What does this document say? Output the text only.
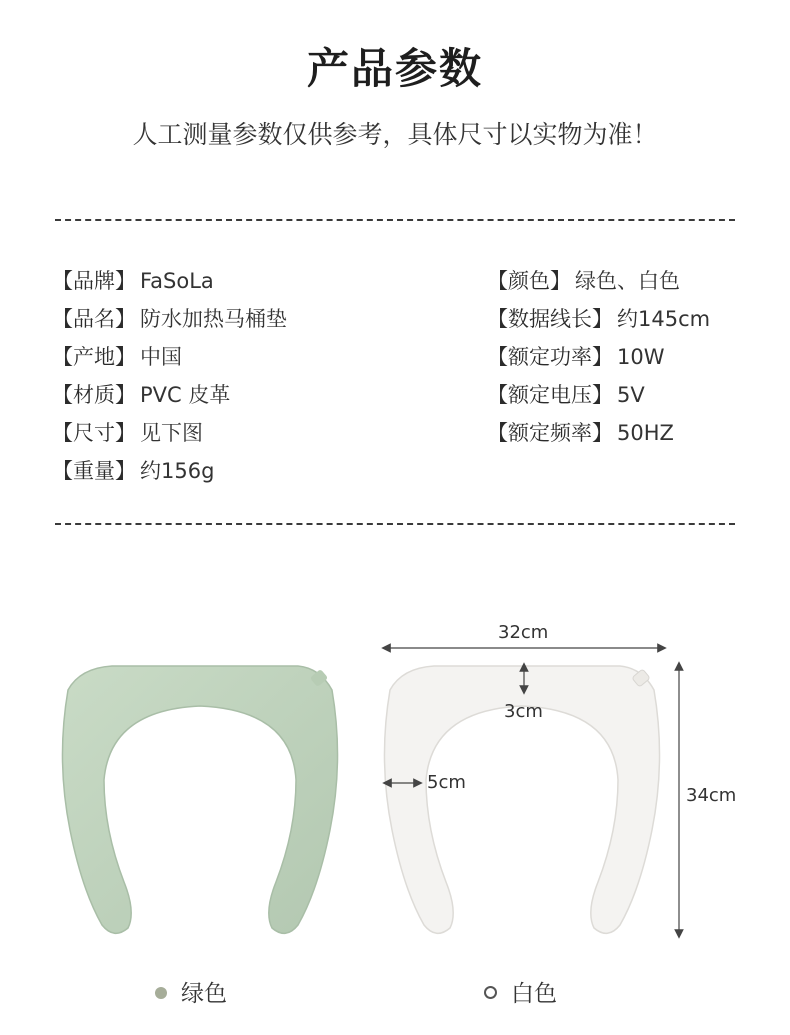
产品参数
人工测量参数仅供参考，具体尺寸以实物为准！
【品牌】 FaSoLa
【品名】 防水加热马桶垫
【产地】 中国
【材质】 PVC 皮革
【尺寸】 见下图
【重量】 约156g
【颜色】 绿色、白色
【数据线长】 约145cm
【额定功率】 10W
【额定电压】 5V
【额定频率】 50HZ
32cm
3cm
5cm
34cm
绿色	白色
